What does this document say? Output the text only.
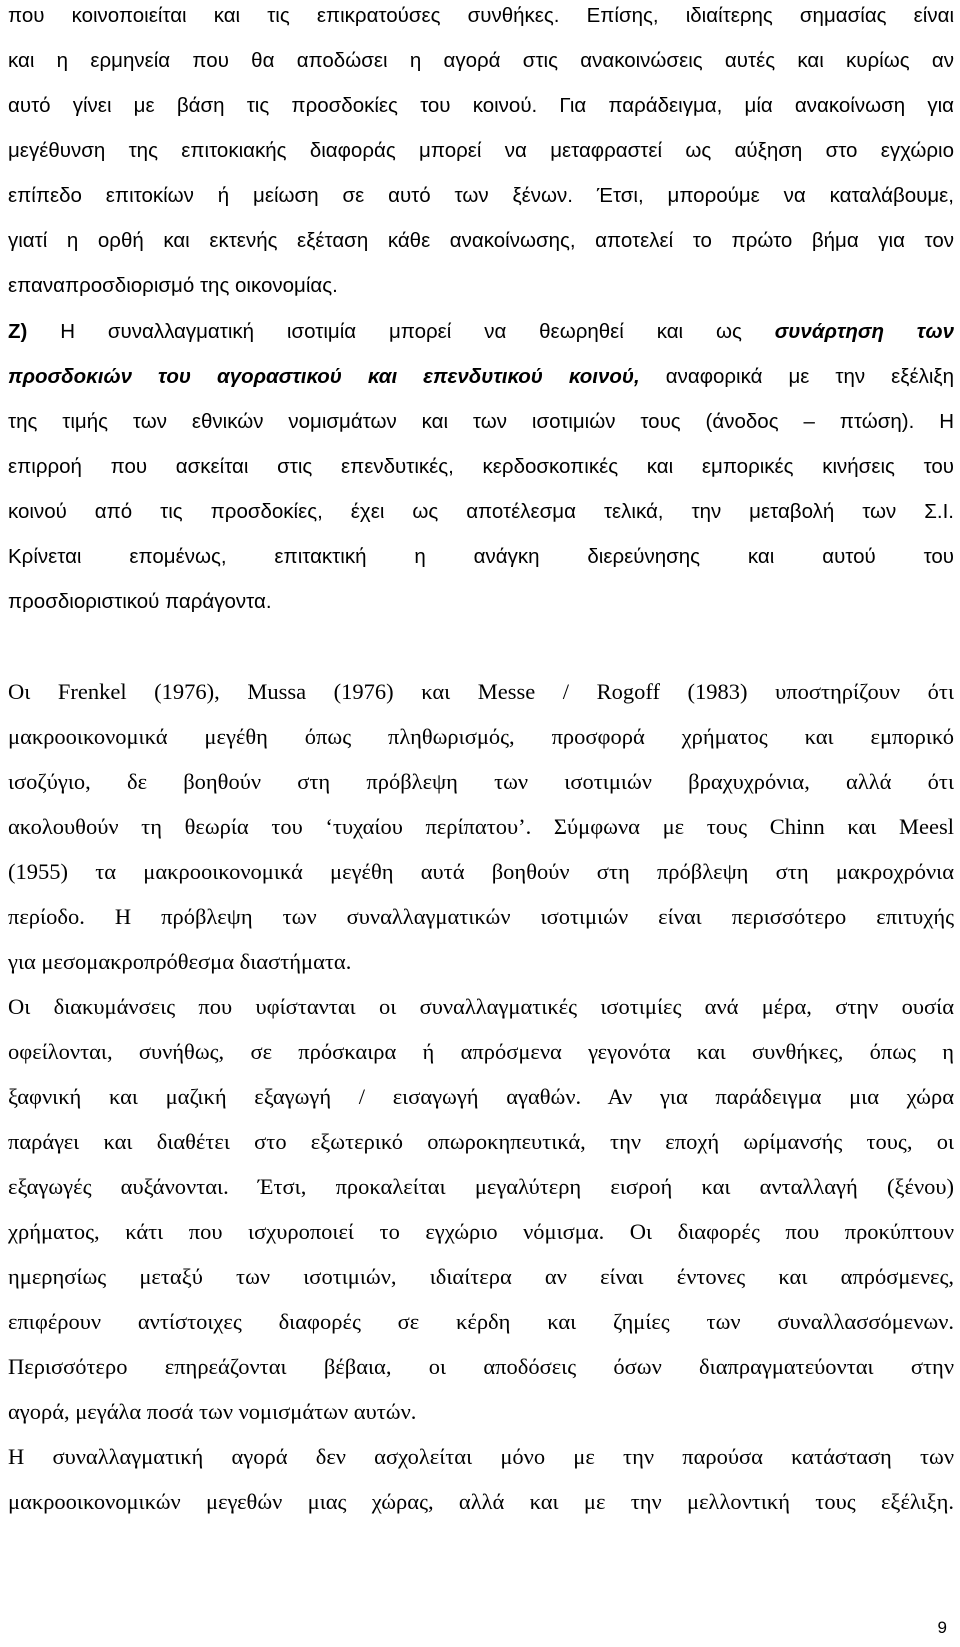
που κοινοποιείται και τις επικρατούσες συνθήκες. Επίσης, ιδιαίτερης σημασίας είναι
και η ερμηνεία που θα αποδώσει η αγορά στις ανακοινώσεις αυτές και κυρίως αν
αυτό γίνει με βάση τις προσδοκίες του κοινού. Για παράδειγμα, μία ανακοίνωση για
μεγέθυνση της επιτοκιακής διαφοράς μπορεί να μεταφραστεί ως αύξηση στο εγχώριο
επίπεδο επιτοκίων ή μείωση σε αυτό των ξένων. Έτσι, μπορούμε να καταλάβουμε,
γιατί η ορθή και εκτενής εξέταση κάθε ανακοίνωσης, αποτελεί το πρώτο βήμα για τον
επαναπροσδιορισμό της οικονομίας.
Ζ) Η συναλλαγματική ισοτιμία μπορεί να θεωρηθεί και ως συνάρτηση των
προσδοκιών του αγοραστικού και επενδυτικού κοινού, αναφορικά με την εξέλιξη
της τιμής των εθνικών νομισμάτων και των ισοτιμιών τους (άνοδος – πτώση). Η
επιρροή που ασκείται στις επενδυτικές, κερδοσκοπικές και εμπορικές κινήσεις του
κοινού από τις προσδοκίες, έχει ως αποτέλεσμα τελικά, την μεταβολή των Σ.Ι.
Κρίνεται επομένως, επιτακτική η ανάγκη διερεύνησης και αυτού του
προσδιοριστικού παράγοντα.
Οι Frenkel (1976), Mussa (1976) και Messe / Rogoff (1983) υποστηρίζουν ότι
μακροοικονομικά μεγέθη όπως πληθωρισμός, προσφορά χρήματος και εμπορικό
ισοζύγιο, δε βοηθούν στη πρόβλεψη των ισοτιμιών βραχυχρόνια, αλλά ότι
ακολουθούν τη θεωρία του ‘τυχαίου περίπατου’. Σύμφωνα με τους Chinn και Meesl
(1955) τα μακροοικονομικά μεγέθη αυτά βοηθούν στη πρόβλεψη στη μακροχρόνια
περίοδο. Η πρόβλεψη των συναλλαγματικών ισοτιμιών είναι περισσότερο επιτυχής
για μεσομακροπρόθεσμα διαστήματα.
Οι διακυμάνσεις που υφίστανται οι συναλλαγματικές ισοτιμίες ανά μέρα, στην ουσία
οφείλονται, συνήθως, σε πρόσκαιρα ή απρόσμενα γεγονότα και συνθήκες, όπως η
ξαφνική και μαζική εξαγωγή / εισαγωγή αγαθών. Αν για παράδειγμα μια χώρα
παράγει και διαθέτει στο εξωτερικό οπωροκηπευτικά, την εποχή ωρίμανσής τους, οι
εξαγωγές αυξάνονται. Έτσι, προκαλείται μεγαλύτερη εισροή και ανταλλαγή (ξένου)
χρήματος, κάτι που ισχυροποιεί το εγχώριο νόμισμα. Οι διαφορές που προκύπτουν
ημερησίως μεταξύ των ισοτιμιών, ιδιαίτερα αν είναι έντονες και απρόσμενες,
επιφέρουν αντίστοιχες διαφορές σε κέρδη και ζημίες των συναλλασσόμενων.
Περισσότερο επηρεάζονται βέβαια, οι αποδόσεις όσων διαπραγματεύονται στην
αγορά, μεγάλα ποσά των νομισμάτων αυτών.
Η συναλλαγματική αγορά δεν ασχολείται μόνο με την παρούσα κατάσταση των
μακροοικονομικών μεγεθών μιας χώρας, αλλά και με την μελλοντική τους εξέλιξη.
9
